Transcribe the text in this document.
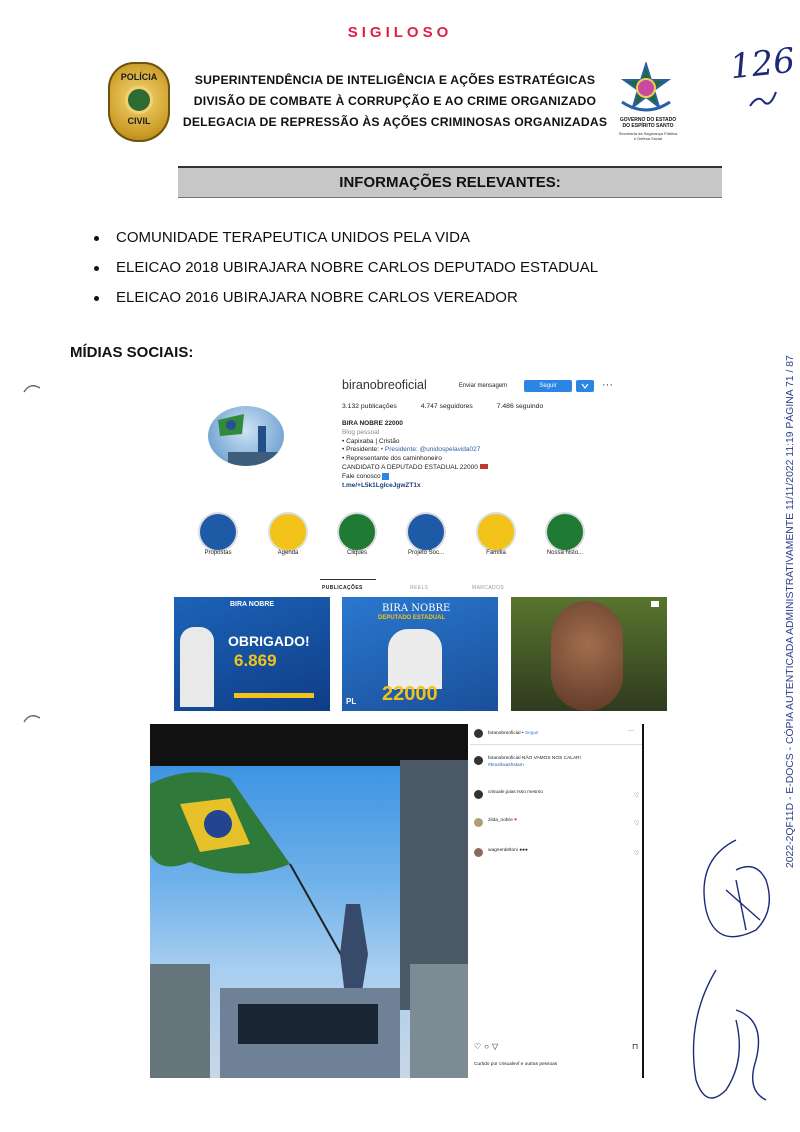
SIGILOSO
POLÍCIA
CIVIL
SUPERINTENDÊNCIA DE INTELIGÊNCIA E AÇÕES ESTRATÉGICAS
DIVISÃO DE COMBATE À CORRUPÇÃO E AO CRIME ORGANIZADO
DELEGACIA DE REPRESSÃO ÀS AÇÕES CRIMINOSAS ORGANIZADAS	GOVERNO DO ESTADO
DO ESPÍRITO SANTO
Secretaria da Segurança Pública
e Defesa Social
126
INFORMAÇÕES RELEVANTES:
COMUNIDADE TERAPEUTICA UNIDOS PELA VIDA
ELEICAO 2018 UBIRAJARA NOBRE CARLOS DEPUTADO ESTADUAL
ELEICAO 2016 UBIRAJARA NOBRE CARLOS VEREADOR
MÍDIAS SOCIAIS:
2022-2QF11D - E-DOCS - CÓPIA AUTENTICADA ADMINISTRATIVAMENTE 11/11/2022 11:19 PÁGINA 71 / 87
biranobreoficial	Enviar mensagem	Seguir	···
3.132 publicações	4.747 seguidores	7.486 seguindo
BIRA NOBRE 22000
Blog pessoal
• Capixaba | Cristão
• Presidente: • Presidente: @unidospelavida027
• Representante dos caminhoneiro
CANDIDATO A DEPUTADO ESTADUAL 22000
Fale conosco
t.me/+L5k1LgIceJgwZT1x
Propostas	Agenda	Cliques	Projeto Soc...	Família	Nossa histo...
PUBLICAÇÕES	REELS	MARCADOS
BIRA NOBRE
OBRIGADO!
6.869
BIRA NOBRE
DEPUTADO ESTADUAL
22000
PL
biranobreoficial • Seguir	···
biranobreoficial NÃO VAMOS NOS CALAR!
#brazilwashstam
crisuale.joias Isso mesmo
♡
zilda_nobre ♥
♡
wagnerdeltoni ●●●
♡
♡○▽	⊓
Curtido por crisualevf e outras pessoas
